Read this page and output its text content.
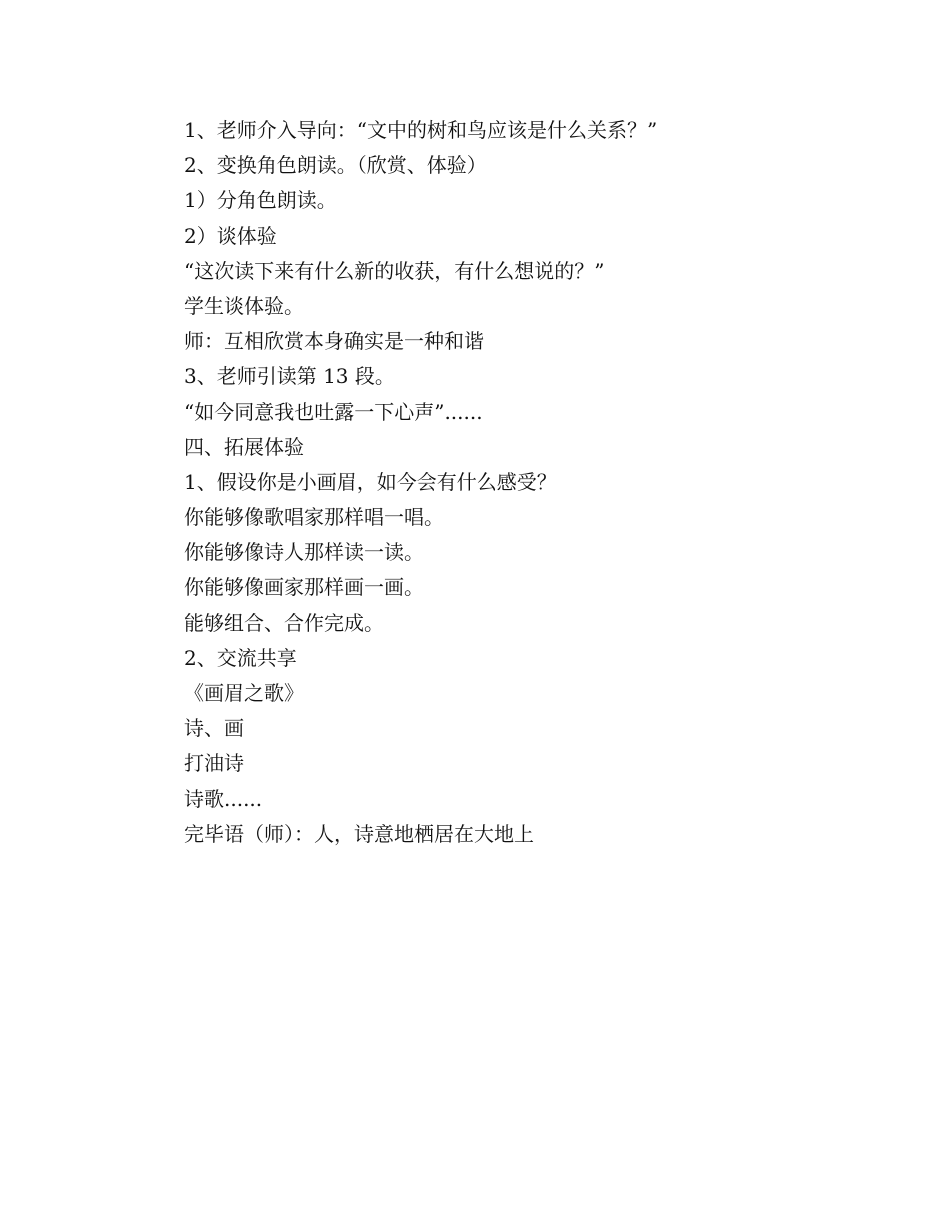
1、老师介入导向：“文中的树和鸟应该是什么关系？”
2、变换角色朗读。（欣赏、体验）
1）分角色朗读。
2）谈体验
“这次读下来有什么新的收获，有什么想说的？”
学生谈体验。
师：互相欣赏本身确实是一种和谐
3、老师引读第 13 段。
“如今同意我也吐露一下心声”......
四、拓展体验
1、假设你是小画眉，如今会有什么感受？
你能够像歌唱家那样唱一唱。
你能够像诗人那样读一读。
你能够像画家那样画一画。
能够组合、合作完成。
2、交流共享
《画眉之歌》
诗、画
打油诗
诗歌......
完毕语（师）：人，诗意地栖居在大地上
